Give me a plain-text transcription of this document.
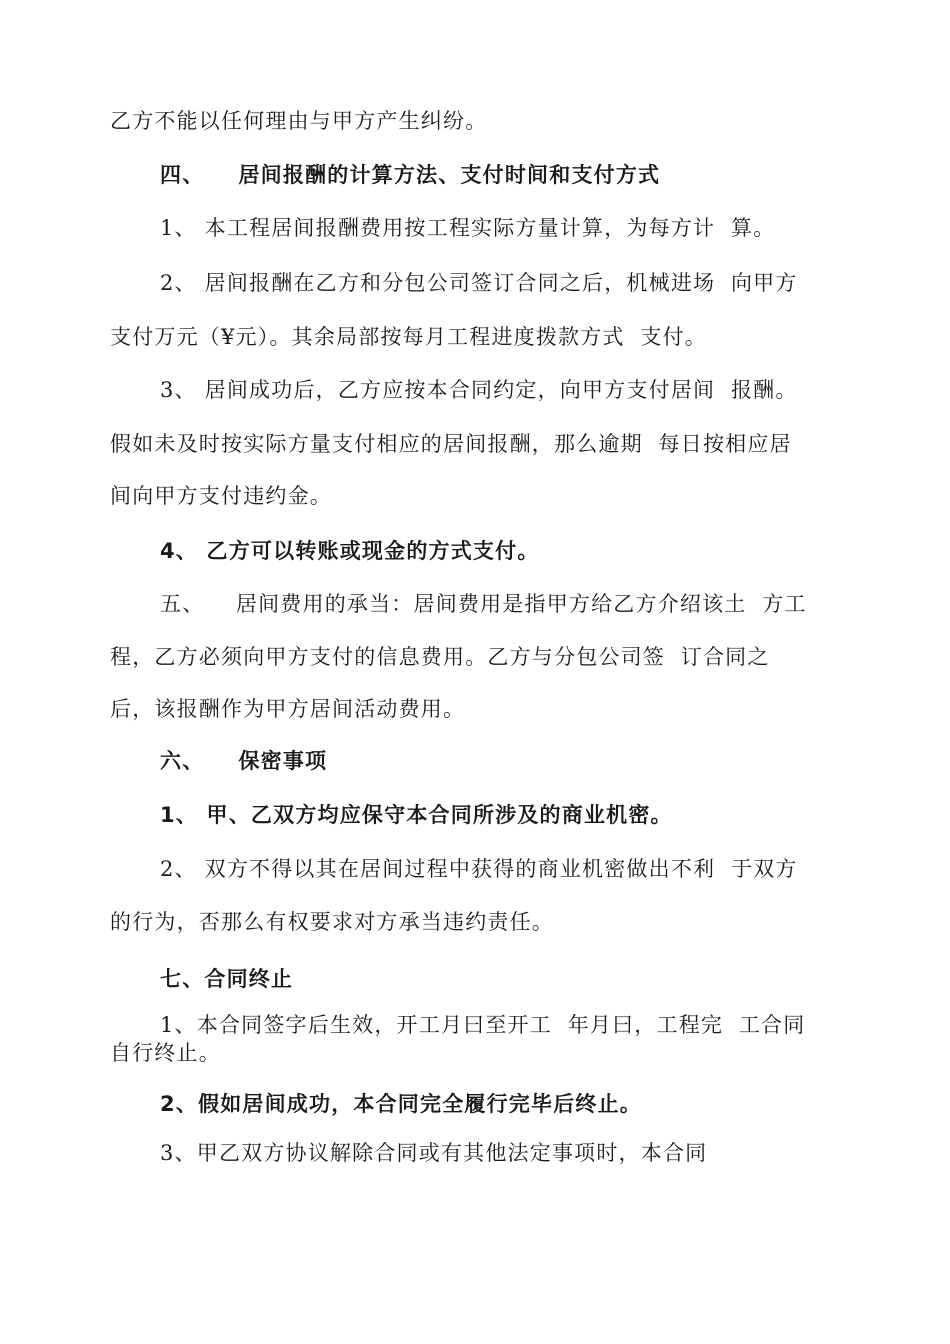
乙方不能以任何理由与甲方产生纠纷。
四、    居间报酬的计算方法、支付时间和支付方式
1、 本工程居间报酬费用按工程实际方量计算，为每方计  算。
2、 居间报酬在乙方和分包公司签订合同之后，机械进场  向甲方
支付万元（¥元）。其余局部按每月工程进度拨款方式  支付。
3、 居间成功后，乙方应按本合同约定，向甲方支付居间  报酬。
假如未及时按实际方量支付相应的居间报酬，那么逾期  每日按相应居
间向甲方支付违约金。
4、 乙方可以转账或现金的方式支付。
五、    居间费用的承当：居间费用是指甲方给乙方介绍该土  方工
程，乙方必须向甲方支付的信息费用。乙方与分包公司签  订合同之
后，该报酬作为甲方居间活动费用。
六、    保密事项
1、 甲、乙双方均应保守本合同所涉及的商业机密。
2、 双方不得以其在居间过程中获得的商业机密做出不利  于双方
的行为，否那么有权要求对方承当违约责任。
七、合同终止
1、本合同签字后生效，开工月曰至开工  年月曰，工程完  工合同
自行终止。
2、假如居间成功，本合同完全履行完毕后终止。
3、甲乙双方协议解除合同或有其他法定事项时，本合同
